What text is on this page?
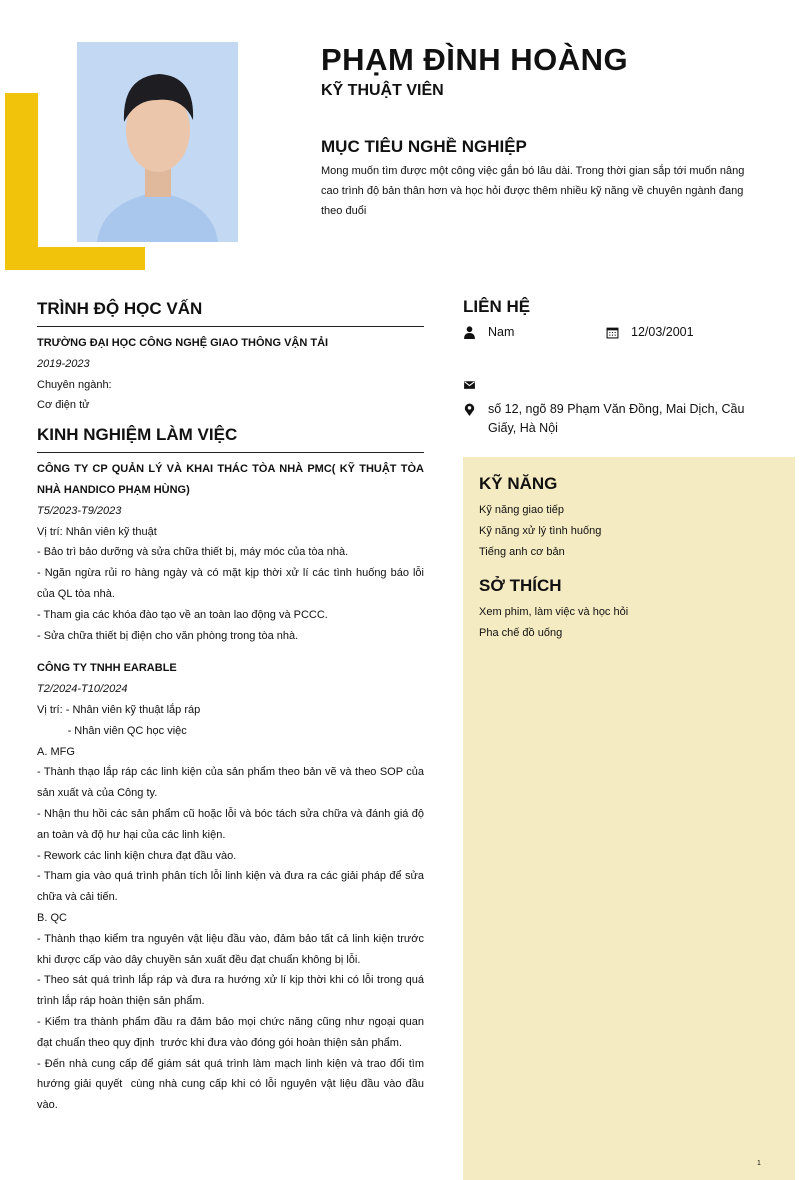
PHẠM ĐÌNH HOÀNG
KỸ THUẬT VIÊN
MỤC TIÊU NGHỀ NGHIỆP
Mong muốn tìm được một công việc gắn bó lâu dài. Trong thời gian sắp tới muốn nâng cao trình độ bản thân hơn và học hỏi được thêm nhiều kỹ năng về chuyên ngành đang theo đuổi
TRÌNH ĐỘ HỌC VẤN
TRƯỜNG ĐẠI HỌC CÔNG NGHỆ GIAO THÔNG VẬN TẢI
2019-2023
Chuyên ngành:
Cơ điện tử
KINH NGHIỆM LÀM VIỆC
CÔNG TY CP QUẢN LÝ VÀ KHAI THÁC TÒA NHÀ PMC( KỸ THUẬT TÒA NHÀ HANDICO PHẠM HÙNG)
T5/2023-T9/2023
Vị trí: Nhân viên kỹ thuật
- Bảo trì bảo dưỡng và sửa chữa thiết bị, máy móc của tòa nhà.
- Ngăn ngừa rủi ro hàng ngày và có mặt kịp thời xử lí các tình huống báo lỗi của QL tòa nhà.
- Tham gia các khóa đào tạo về an toàn lao động và PCCC.
- Sửa chữa thiết bị điện cho văn phòng trong tòa nhà.
CÔNG TY TNHH EARABLE
T2/2024-T10/2024
Vị trí: - Nhân viên kỹ thuật lắp ráp
- Nhân viên QC học việc
A. MFG
- Thành thạo lắp ráp các linh kiện của sản phẩm theo bản vẽ và theo SOP của sản xuất và của Công ty.
- Nhận thu hồi các sản phẩm cũ hoặc lỗi và bóc tách sửa chữa và đánh giá độ an toàn và độ hư hại của các linh kiện.
- Rework các linh kiện chưa đạt đầu vào.
- Tham gia vào quá trình phân tích lỗi linh kiện và đưa ra các giải pháp để sửa chữa và cải tiến.
B. QC
- Thành thạo kiểm tra nguyên vật liệu đầu vào, đảm bảo tất cả linh kiện trước khi được cấp vào dây chuyền sản xuất đều đạt chuẩn không bị lỗi.
- Theo sát quá trình lắp ráp và đưa ra hướng xử lí kịp thời khi có lỗi trong quá trình lắp ráp hoàn thiện sản phẩm.
- Kiểm tra thành phẩm đầu ra đảm bảo mọi chức năng cũng như ngoại quan đạt chuẩn theo quy định  trước khi đưa vào đóng gói hoàn thiện sản phẩm.
- Đến nhà cung cấp để giám sát quá trình làm mạch linh kiện và trao đổi tìm hướng giải quyết  cùng nhà cung cấp khi có lỗi nguyên vật liệu đầu vào đầu vào.
LIÊN HỆ
Nam	12/03/2001
số 12, ngõ 89 Phạm Văn Đồng, Mai Dịch, Cầu Giấy, Hà Nội
KỸ NĂNG
Kỹ năng giao tiếp
Kỹ năng xử lý tình huống
Tiếng anh cơ bản
SỞ THÍCH
Xem phim, làm việc và học hỏi
Pha chế đồ uống
1
